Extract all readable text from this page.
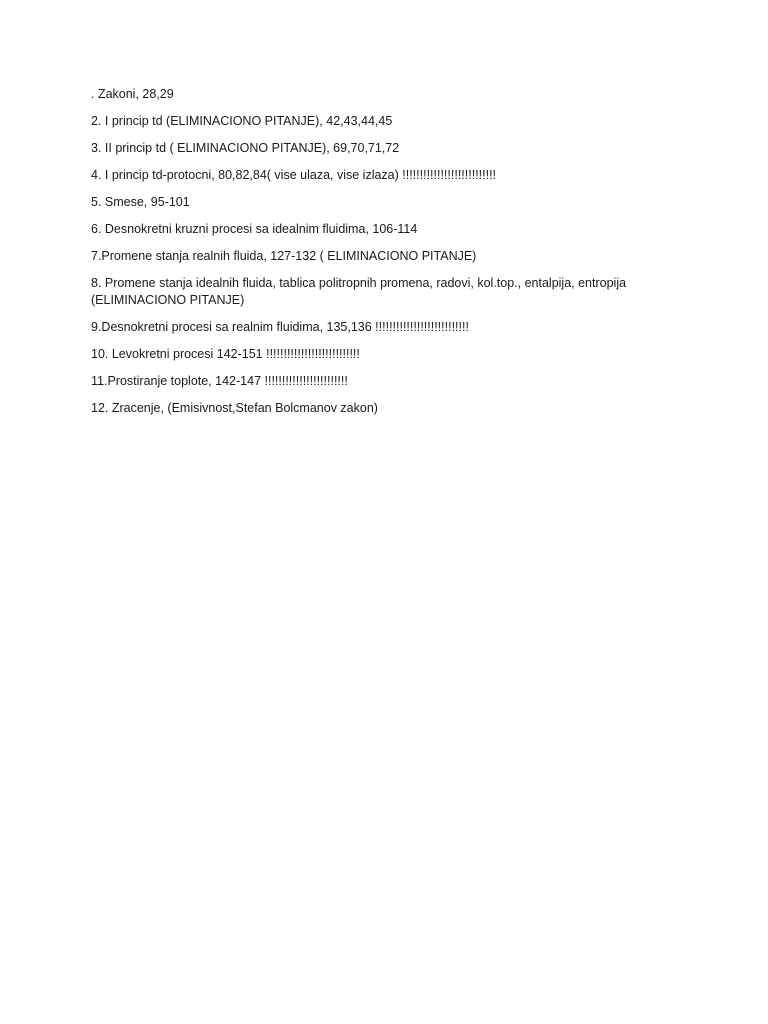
. Zakoni, 28,29

2. I princip td (ELIMINACIONO PITANJE), 42,43,44,45

3. II princip td ( ELIMINACIONO PITANJE), 69,70,71,72

4. I princip td-protocni, 80,82,84( vise ulaza, vise izlaza) !!!!!!!!!!!!!!!!!!!!!!!!!!!

5. Smese, 95-101

6. Desnokretni kruzni procesi sa idealnim fluidima, 106-114

7.Promene stanja realnih fluida, 127-132 ( ELIMINACIONO PITANJE)

8. Promene stanja idealnih fluida, tablica politropnih promena, radovi, kol.top., entalpija, entropija (ELIMINACIONO PITANJE)

9.Desnokretni procesi sa realnim fluidima, 135,136 !!!!!!!!!!!!!!!!!!!!!!!!!!!

10. Levokretni procesi 142-151 !!!!!!!!!!!!!!!!!!!!!!!!!!!

11.Prostiranje toplote, 142-147 !!!!!!!!!!!!!!!!!!!!!!!!

12. Zracenje, (Emisivnost,Stefan Bolcmanov zakon)
